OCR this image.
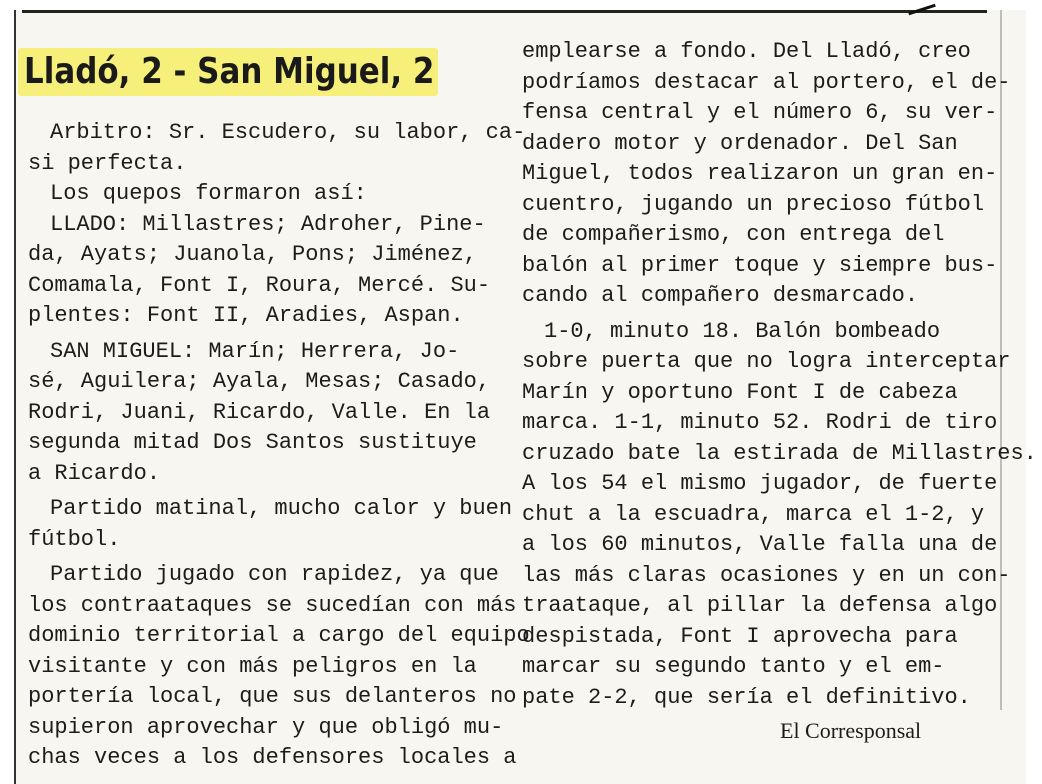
Lladó, 2 - San Miguel, 2
Arbitro: Sr. Escudero, su labor, ca-
si perfecta.
Los quepos formaron así:
LLADO: Millastres; Adroher, Pine-
da, Ayats; Juanola, Pons; Jiménez,
Comamala, Font I, Roura, Mercé. Su-
plentes: Font II, Aradies, Aspan.
SAN MIGUEL: Marín; Herrera, Jo-
sé, Aguilera; Ayala, Mesas; Casado,
Rodri, Juani, Ricardo, Valle. En la
segunda mitad Dos Santos sustituye
a Ricardo.
Partido matinal, mucho calor y buen
fútbol.
Partido jugado con rapidez, ya que
los contraataques se sucedían con más
dominio territorial a cargo del equipo
visitante y con más peligros en la
portería local, que sus delanteros no
supieron aprovechar y que obligó mu-
chas veces a los defensores locales a
emplearse a fondo. Del Lladó, creo
podríamos destacar al portero, el de-
fensa central y el número 6, su ver-
dadero motor y ordenador. Del San
Miguel, todos realizaron un gran en-
cuentro, jugando un precioso fútbol
de compañerismo, con entrega del
balón al primer toque y siempre bus-
cando al compañero desmarcado.
1-0, minuto 18. Balón bombeado
sobre puerta que no logra interceptar
Marín y oportuno Font I de cabeza
marca. 1-1, minuto 52. Rodri de tiro
cruzado bate la estirada de Millastres.
A los 54 el mismo jugador, de fuerte
chut a la escuadra, marca el 1-2, y
a los 60 minutos, Valle falla una de
las más claras ocasiones y en un con-
traataque, al pillar la defensa algo
despistada, Font I aprovecha para
marcar su segundo tanto y el em-
pate 2-2, que sería el definitivo.
El Corresponsal
